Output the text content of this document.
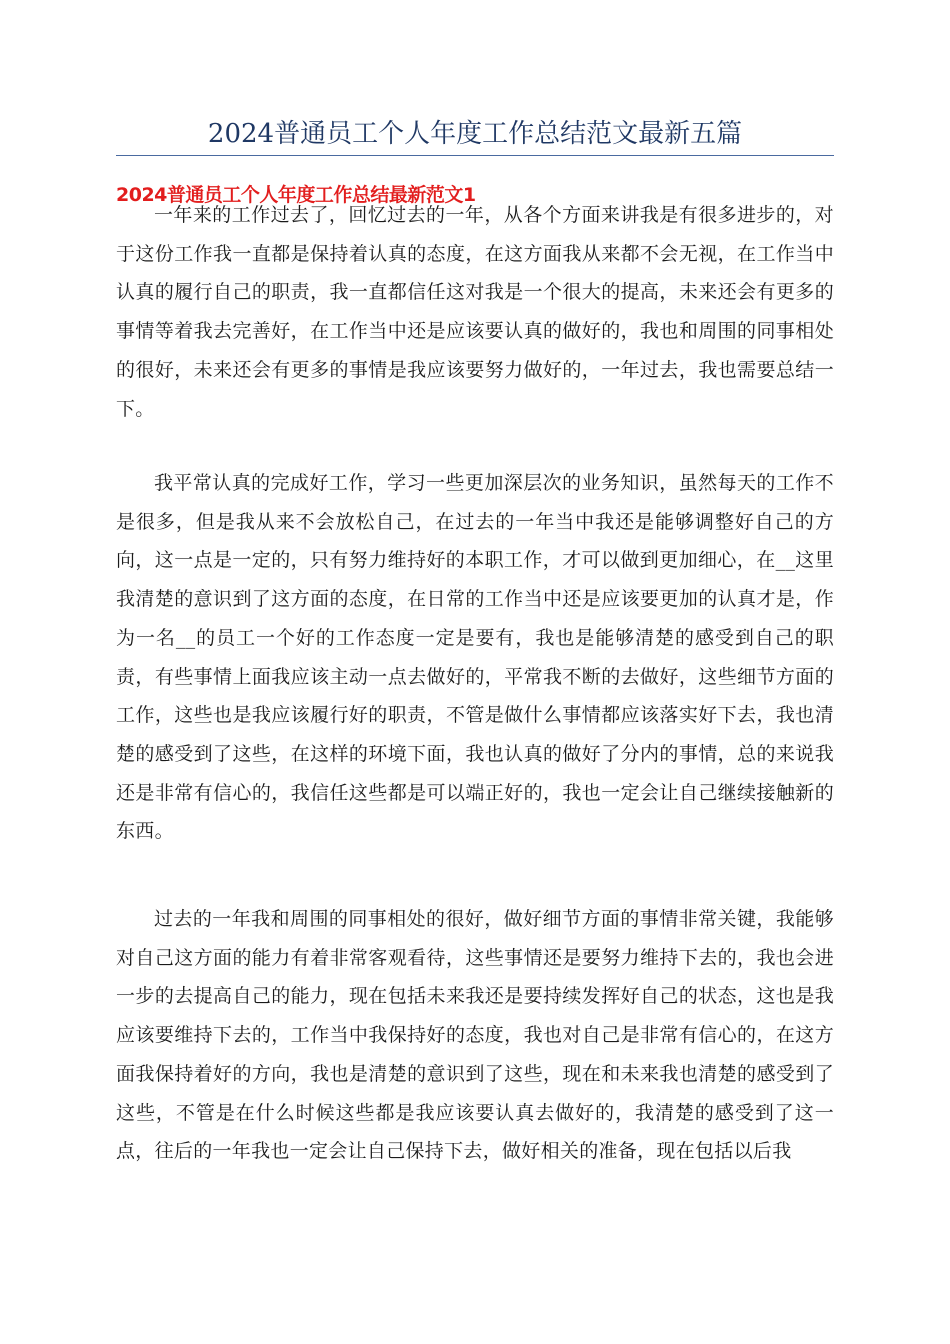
2024普通员工个人年度工作总结范文最新五篇
2024普通员工个人年度工作总结最新范文1

一年来的工作过去了，回忆过去的一年，从各个方面来讲我是有很多进步的，对于这份工作我一直都是保持着认真的态度，在这方面我从来都不会无视，在工作当中认真的履行自己的职责，我一直都信任这对我是一个很大的提高，未来还会有更多的事情等着我去完善好，在工作当中还是应该要认真的做好的，我也和周围的同事相处的很好，未来还会有更多的事情是我应该要努力做好的，一年过去，我也需要总结一下。

我平常认真的完成好工作，学习一些更加深层次的业务知识，虽然每天的工作不是很多，但是我从来不会放松自己，在过去的一年当中我还是能够调整好自己的方向，这一点是一定的，只有努力维持好的本职工作，才可以做到更加细心，在__这里我清楚的意识到了这方面的态度，在日常的工作当中还是应该要更加的认真才是，作为一名__的员工一个好的工作态度一定是要有，我也是能够清楚的感受到自己的职责，有些事情上面我应该主动一点去做好的，平常我不断的去做好，这些细节方面的工作，这些也是我应该履行好的职责，不管是做什么事情都应该落实好下去，我也清楚的感受到了这些，在这样的环境下面，我也认真的做好了分内的事情，总的来说我还是非常有信心的，我信任这些都是可以端正好的，我也一定会让自己继续接触新的东西。

过去的一年我和周围的同事相处的很好，做好细节方面的事情非常关键，我能够对自己这方面的能力有着非常客观看待，这些事情还是要努力维持下去的，我也会进一步的去提高自己的能力，现在包括未来我还是要持续发挥好自己的状态，这也是我应该要维持下去的，工作当中我保持好的态度，我也对自己是非常有信心的，在这方面我保持着好的方向，我也是清楚的意识到了这些，现在和未来我也清楚的感受到了这些，不管是在什么时候这些都是我应该要认真去做好的，我清楚的感受到了这一点，往后的一年我也一定会让自己保持下去，做好相关的准备，现在包括以后我
